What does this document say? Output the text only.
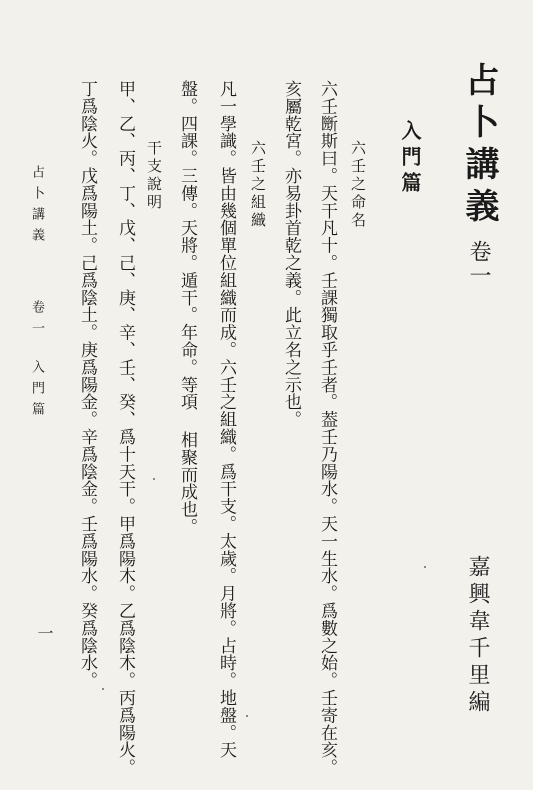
占卜講義
卷一
入門篇
六壬之命名
六壬㫁斯曰。天干凡十。壬課獨取乎壬者。葢壬乃陽水。天一生水。爲數之始。壬寄在亥。
亥屬乾宮。亦易卦首乾之義。此立名之示也。
六壬之組織
凡一學識。皆由幾個單位組織而成。六壬之組織。爲干支。太歲。月將。占時。地盤。天
盤。四課。三傳。天將。遁干。年命。等項 相聚而成也。
干支說明
甲、乙、丙、丁、戊、己、庚、辛、壬、癸、爲十天干。甲爲陽木。乙爲陰木。丙爲陽火。
丁爲陰火。戊爲陽土。己爲陰土。庚爲陽金。辛爲陰金。壬爲陽水。癸爲陰水。	嘉興韋千里編
占卜講義
卷一
入門篇
一
